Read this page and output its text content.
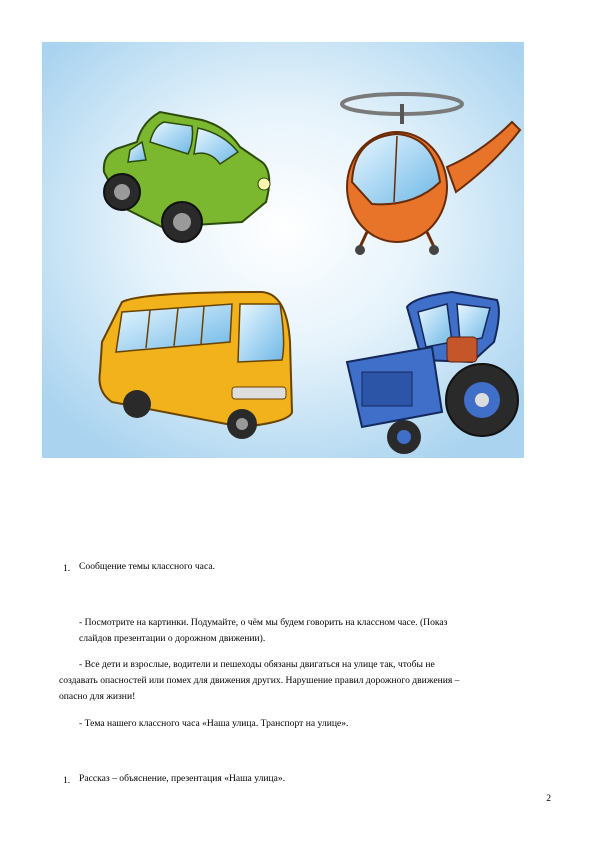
1. Сообщение темы классного часа.
- Посмотрите на картинки. Подумайте, о чём мы будем говорить на классном часе. (Показ
слайдов презентации о дорожном движении).
- Все дети и взрослые, водители и пешеходы обязаны двигаться на улице так, чтобы не
создавать опасностей или помех для движения других. Нарушение правил дорожного движения –
опасно для жизни!
- Тема нашего классного часа «Наша улица. Транспорт на улице».
1. Рассказ – объяснение, презентация «Наша улица».
2
